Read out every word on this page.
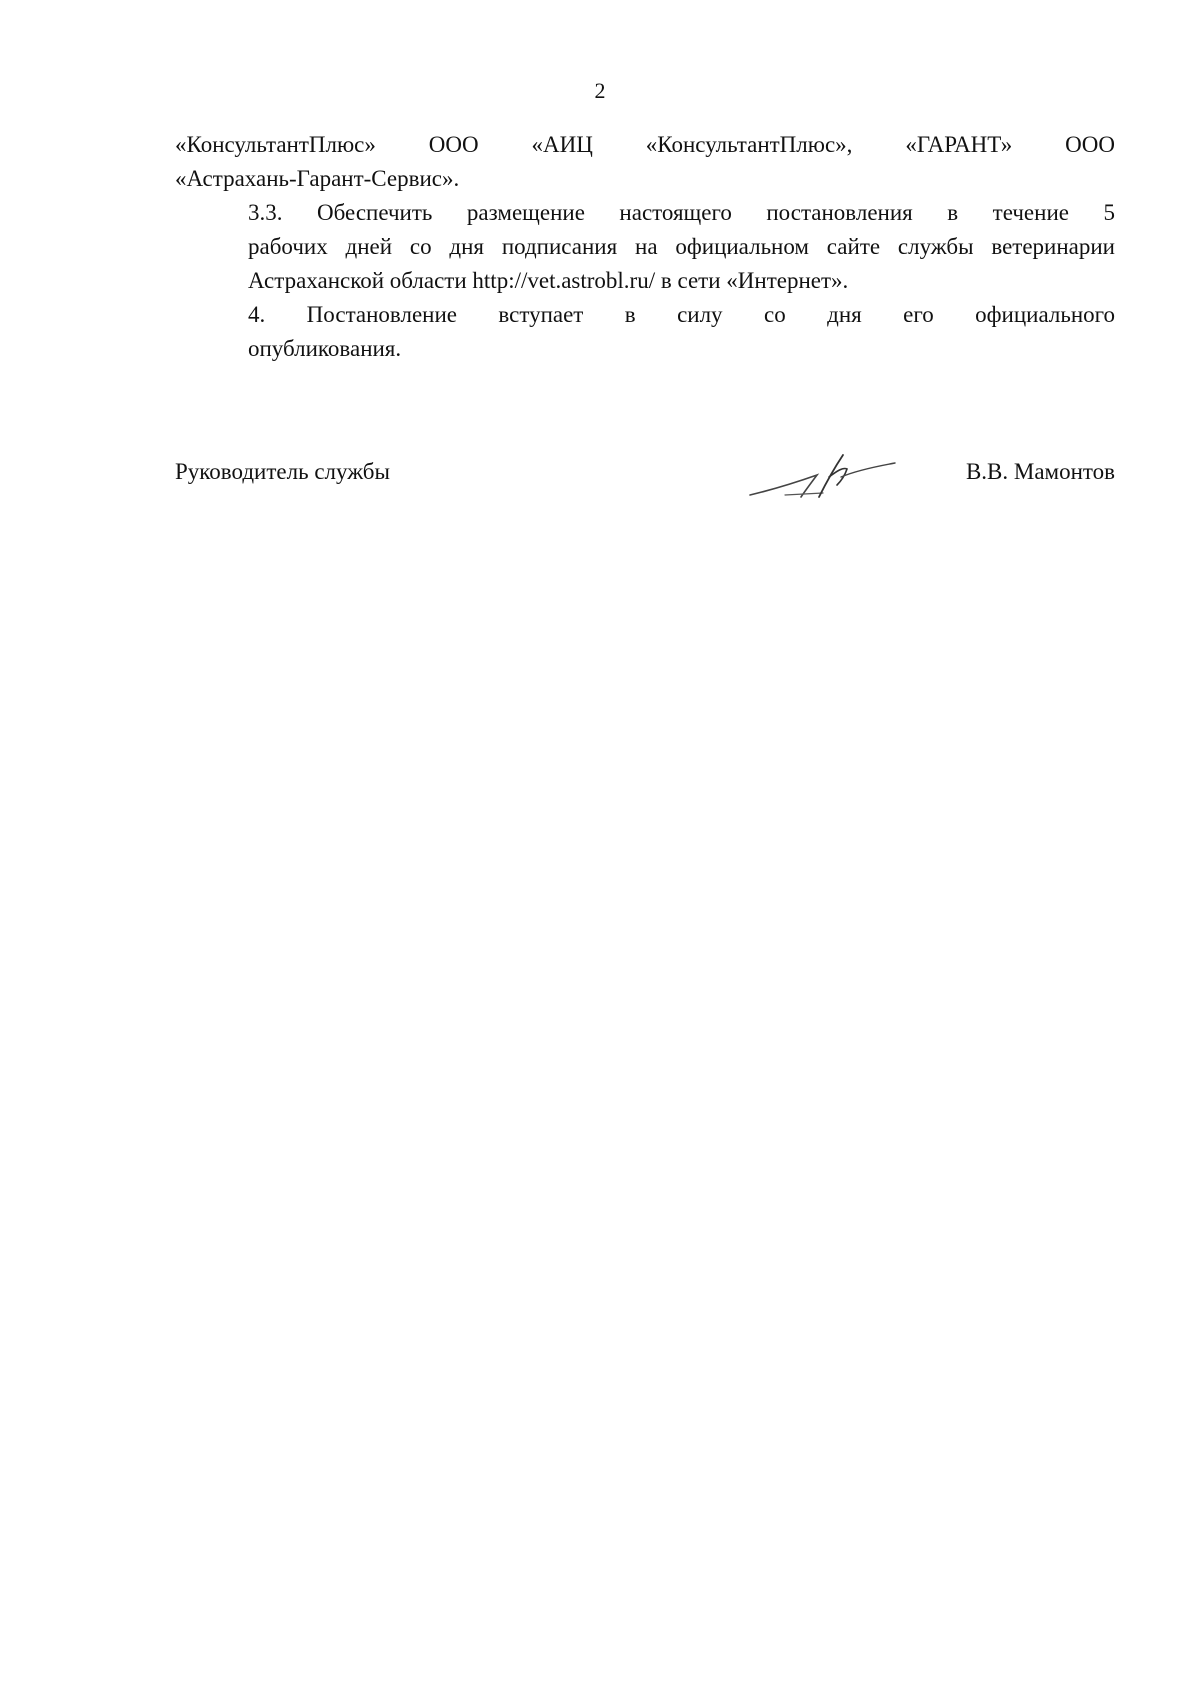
2

«КонсультантПлюс» ООО «АИЦ «КонсультантПлюс», «ГАРАНТ» ООО
«Астрахань-Гарант-Сервис».

3.3. Обеспечить размещение настоящего постановления в течение 5
рабочих дней со дня подписания на официальном сайте службы ветеринарии
Астраханской области http://vet.astrobl.ru/ в сети «Интернет».

4. Постановление вступает в силу со дня его официального
опубликования.

Руководитель службы	В.В. Мамонтов
